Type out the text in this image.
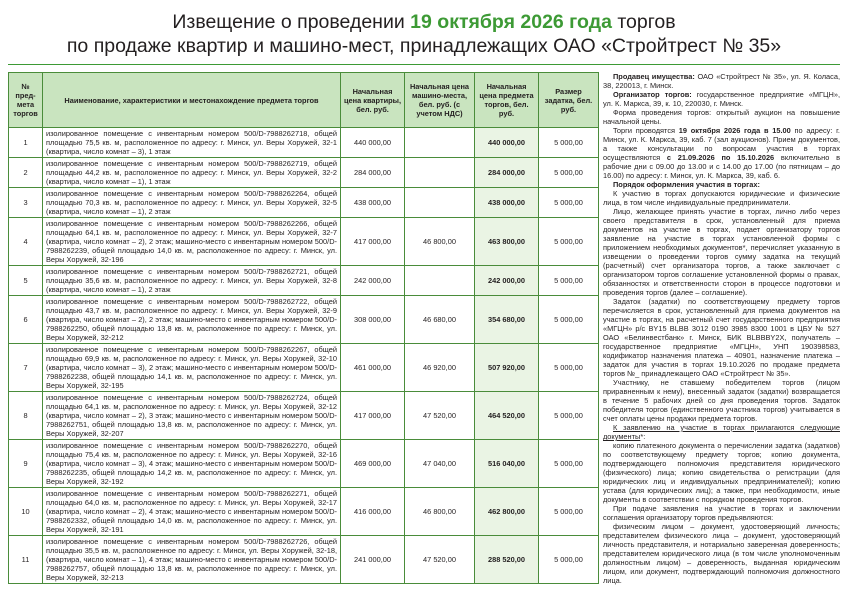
Извещение о проведении 19 октября 2026 года торгов
по продаже квартир и машино-мест, принадлежащих ОАО «Стройтрест № 35»
№ пред-мета торгов	Наименование, характеристики и местонахождение предмета торгов	Начальная цена квартиры, бел. руб.	Начальная цена машино-места, бел. руб. (с учетом НДС)	Начальная цена предмета торгов, бел. руб.	Размер задатка, бел. руб.
1	изолированное помещение с инвентарным номером 500/D-7988262718, общей площадью 75,5 кв. м, расположенное по адресу: г. Минск, ул. Веры Хоружей, 32-1 (квартира, число комнат – 3), 1 этаж	440 000,00		440 000,00	5 000,00
2	изолированное помещение с инвентарным номером 500/D-7988262719, общей площадью 44,2 кв. м, расположенное по адресу: г. Минск, ул. Веры Хоружей, 32-2 (квартира, число комнат – 1), 1 этаж	284 000,00		284 000,00	5 000,00
3	изолированное помещение с инвентарным номером 500/D-7988262264, общей площадью 70,3 кв. м, расположенное по адресу: г. Минск, ул. Веры Хоружей, 32-5 (квартира, число комнат – 1), 2 этаж	438 000,00		438 000,00	5 000,00
4	изолированное помещение с инвентарным номером 500/D-7988262266, общей площадью 64,1 кв. м, расположенное по адресу: г. Минск, ул. Веры Хоружей, 32-7 (квартира, число комнат – 2), 2 этаж; машино-место с инвентарным номером 500/D-7988262239, общей площадью 14,0 кв. м, расположенное по адресу: г. Минск, ул. Веры Хоружей, 32-196	417 000,00	46 800,00	463 800,00	5 000,00
5	изолированное помещение с инвентарным номером 500/D-7988262721, общей площадью 35,6 кв. м, расположенное по адресу: г. Минск, ул. Веры Хоружей, 32-8 (квартира, число комнат – 1), 2 этаж	242 000,00		242 000,00	5 000,00
6	изолированное помещение с инвентарным номером 500/D-7988262722, общей площадью 43,7 кв. м, расположенное по адресу: г. Минск, ул. Веры Хоружей, 32-9 (квартира, число комнат – 2), 2 этаж; машино-место с инвентарным номером 500/D-7988262250, общей площадью 13,8 кв. м, расположенное по адресу: г. Минск, ул. Веры Хоружей, 32-212	308 000,00	46 680,00	354 680,00	5 000,00
7	изолированное помещение с инвентарным номером 500/D-7988262267, общей площадью 69,9 кв. м, расположенное по адресу: г. Минск, ул. Веры Хоружей, 32-10 (квартира, число комнат – 3), 2 этаж; машино-место с инвентарным номером 500/D-7988262238, общей площадью 14,1 кв. м, расположенное по адресу: г. Минск, ул. Веры Хоружей, 32-195	461 000,00	46 920,00	507 920,00	5 000,00
8	изолированное помещение с инвентарным номером 500/D-7988262724, общей площадью 64,1 кв. м, расположенное по адресу: г. Минск, ул. Веры Хоружей, 32-12 (квартира, число комнат – 2), 3 этаж; машино-место с инвентарным номером 500/D-7988262751, общей площадью 13,8 кв. м, расположенное по адресу: г. Минск, ул. Веры Хоружей, 32-207	417 000,00	47 520,00	464 520,00	5 000,00
9	изолированное помещение с инвентарным номером 500/D-7988262270, общей площадью 75,4 кв. м, расположенное по адресу: г. Минск, ул. Веры Хоружей, 32-16 (квартира, число комнат – 3), 4 этаж; машино-место с инвентарным номером 500/D-7988262235, общей площадью 14,2 кв. м, расположенное по адресу: г. Минск, ул. Веры Хоружей, 32-192	469 000,00	47 040,00	516 040,00	5 000,00
10	изолированное помещение с инвентарным номером 500/D-7988262271, общей площадью 64,0 кв. м, расположенное по адресу: г. Минск, ул. Веры Хоружей, 32-17 (квартира, число комнат – 2), 4 этаж; машино-место с инвентарным номером 500/D-7988262332, общей площадью 14,0 кв. м, расположенное по адресу: г. Минск, ул. Веры Хоружей, 32-191	416 000,00	46 800,00	462 800,00	5 000,00
11	изолированное помещение с инвентарным номером 500/D-7988262726, общей площадью 35,5 кв. м, расположенное по адресу: г. Минск, ул. Веры Хоружей, 32-18, (квартира, число комнат – 1), 4 этаж; машино-место с инвентарным номером 500/D-7988262757, общей площадью 13,8 кв. м, расположенное по адресу: г. Минск, ул. Веры Хоружей, 32-213	241 000,00	47 520,00	288 520,00	5 000,00

Продавец имущества: ОАО «Стройтрест № 35», ул. Я. Коласа, 38, 220013, г. Минск.

Организатор торгов: государственное предприятие «МГЦН», ул. К. Маркса, 39, к. 10, 220030, г. Минск.

Форма проведения торгов: открытый аукцион на повышение начальной цены.

Торги проводятся 19 октября 2026 года в 15.00 по адресу: г. Минск, ул. К. Маркса, 39, каб. 7 (зал аукционов). Прием документов, а также консультации по вопросам участия в торгах осуществляются с 21.09.2026 по 15.10.2026 включительно в рабочие дни с 09.00 до 13.00 и с 14.00 до 17.00 (по пятницам – до 16.00) по адресу: г. Минск, ул. К. Маркса, 39, каб. 6.

Порядок оформления участия в торгах:

К участию в торгах допускаются юридические и физические лица, в том числе индивидуальные предприниматели.

Лицо, желающее принять участие в торгах, лично либо через своего представителя в срок, установленный для приема документов на участие в торгах, подает организатору торгов заявление на участие в торгах установленной формы с приложением необходимых документов*, перечисляет указанную в извещении о проведении торгов сумму задатка на текущий (расчетный) счет организатора торгов, а также заключает с организатором торгов соглашение установленной формы о правах, обязанностях и ответственности сторон в процессе подготовки и проведения торгов (далее – соглашение).

Задаток (задатки) по соответствующему предмету торгов перечисляется в срок, установленный для приема документов на участие в торгах, на расчетный счет государственного предприятия «МГЦН» р/с BY15 BLBB 3012 0190 3985 8300 1001 в ЦБУ № 527 ОАО «Белинвестбанк» г. Минск, БИК BLBBBY2X, получатель – государственное предприятие «МГЦН», УНП 190398583, кодификатор назначения платежа – 40901, назначение платежа – задаток для участия в торгах 19.10.2026 по продаже предмета торгов №_ принадлежащего ОАО «Стройтрест № 35».

Участнику, не ставшему победителем торгов (лицом приравненным к нему), внесенный задаток (задатки) возвращается в течение 5 рабочих дней со дня проведения торгов. Задаток победителя торгов (единственного участника торгов) учитывается в счет оплаты цены продажи предмета торгов.

К заявлению на участие в торгах прилагаются следующие документы*:

копию платежного документа о перечислении задатка (задатков) по соответствующему предмету торгов; копию документа, подтверждающего полномочия представителя юридического (физического) лица; копию свидетельства о регистрации (для юридических лиц и индивидуальных предпринимателей); копию устава (для юридических лиц); а также, при необходимости, иные документы в соответствии с порядком проведения торгов.

При подаче заявления на участие в торгах и заключении соглашения организатору торгов предъявляются:

физическим лицом – документ, удостоверяющий личность; представителем физического лица – документ, удостоверяющий личность представителя, и нотариально заверенная доверенность; представителем юридического лица (в том числе уполномоченным должностным лицом) – доверенность, выданная юридическим лицом, или документ, подтверждающий полномочия должностного лица.
